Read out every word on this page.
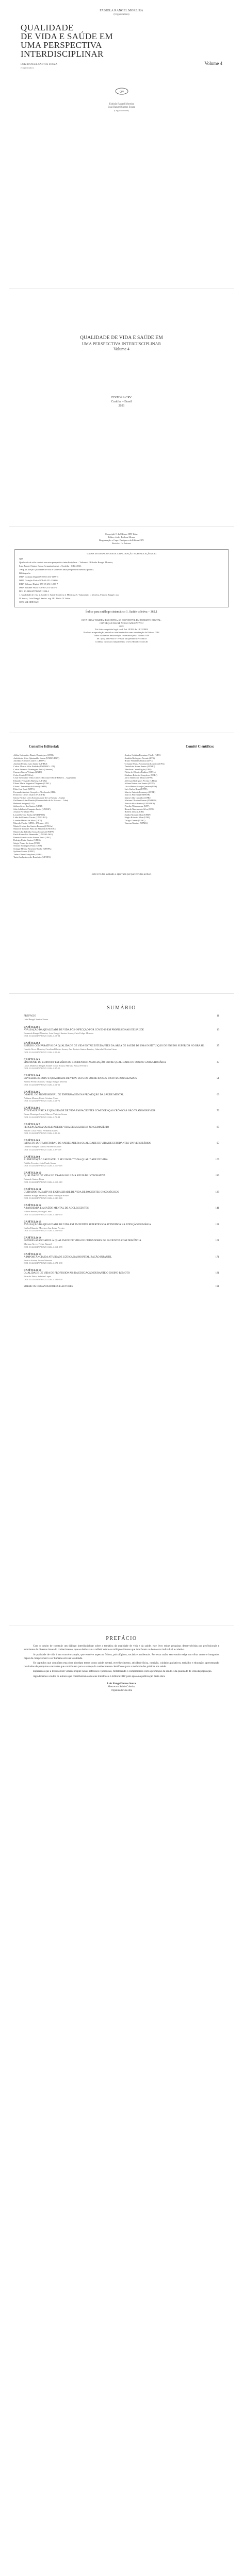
FABIOLA RANGEL MOREIRA
(Organizadora)
QUALIDADE
DE VIDA E SAÚDE EM
UMA PERSPECTIVA
INTERDISCIPLINAR
Volume 4
LUIZ RANGEL SANTOS SOUZA
(Organizador)
crv
Fabiola Rangel Moreira
Luiz Rangel Santos Souza
(Organizadores)
QUALIDADE DE VIDA E SAÚDE EM
UMA PERSPECTIVA INTERDISCIPLINAR
Volume 4
EDITORA CRV
Curitiba – Brasil
2021
Copyright © da Editora CRV Ltda.
Editor-chefe: Railson Moura
Diagramação e Capa: Designers da Editora CRV
Revisão: Os Autores
DADOS INTERNACIONAIS DE CATALOGAÇÃO NA PUBLICAÇÃO (CIP)

Q18

Qualidade de vida e saúde em uma perspectiva interdisciplinar – Volume 4 / Fabiola Rangel Moreira,

Luiz Rangel Santos Souza (organizadores). – Curitiba : CRV, 2021.

196 p. (Coleção Qualidade de vida e saúde em uma perspectiva interdisciplinar)

Bibliografia

ISBN Coleção Digital 978-65-251-1199-3

ISBN Coleção Físico 978-65-251-1200-6

ISBN Volume Digital 978-65-251-1203-7

ISBN Volume Físico 978-65-251-1204-4

DOI 10.24824/978652511204.4

1. Qualidade de vida 2. Saúde 3. Saúde Coletiva 4. Medicina 5. Tratamento I. Moreira, Fabiola Rangel. org.

II. Souza, Luiz Rangel Santos. org. III. Título IV. Série.

CDU 614 CDD 362.1

Índice para catálogo sistemático 1. Saúde coletiva – 362.1
ESTA OBRA TAMBÉM ENCONTRA-SE DISPONÍVEL EM FORMATO DIGITAL.
CONHEÇA E BAIXE NOSSO APLICATIVO!
2021
Foi feito o depósito legal conf. Lei 10.994 de 14/12/2004
Proibida a reprodução parcial ou total desta obra sem autorização da Editora CRV
Todos os direitos desta edição reservados pela: Editora CRV
Tel.: (41) 3039-6418 - E-mail: sac@editoracrv.com.br
Conheça os nossos lançamentos: www.editoracrv.com.br
Conselho Editorial:	Comitê Científico:
Aldira Guimarães Duarte Domínguez (UNB)
Andréia da Silva Quintanilha Sousa (UNIR/UFRN)
Anselmo Alencar Colares (UFOPA)
Antônio Pereira Gaio Júnior (UFRRJ)
Carlos Alberto Vilar Estêvão (UMINHO – PT)
Carlos Federico Dominguez Avila (Unieuro)
Carmen Tereza Velanga (UNIR)
Celso Conti (UFSCar)
Cesar Gerónimo Tello (Univer. Nacional Três de Febrero – Argentina)
Eduardo Fernandes Barbosa (UFMG)
Elione Maria Nogueira Diogenes (UFAL)
Elizeu Clementino de Souza (UNEB)
Élsio José Corá (UFFS)
Fernando Antônio Gonçalves Alcoforado (IPB)
Francisco Carlos Duarte (PUC-PR)
Gloria Fariñas León (Universidade de La Havana – Cuba)
Guillermo Arias Beatón (Universidade de La Havana – Cuba)
Helmuth Krüger (UCP)
Jailson Alves dos Santos (UFRJ)
João Adalberto Campato Junior (UNESP)
Josania Portela (UFPI)
Leonel Severo Rocha (UNISINOS)
Lídia de Oliveira Xavier (UNIEURO)
Lourdes Helena da Silva (UFV)
Marcelo Paixão (UFRJ e UTexas – US)
Maria Cristina dos Santos Bezerra (UFSCar)
Maria de Lourdes Pinto de Almeida (UNOESC)
Maria Lília Imbiriba Sousa Colares (UFOPA)
Paulo Romualdo Hernandes (UNIFAL-MG)
Renato Francisco dos Santos Paula (UFG)
Rodrigo Pratte-Santos (UFES)
Sérgio Nunes de Jesus (IFRO)
Simone Rodrigues Pinto (UNB)
Solange Helena Ximenes-Rocha (UFOPA)
Sydione Santos (UEPG)
Tadeu Oliver Gonçalves (UFPA)
Tania Suely Azevedo Brasileiro (UFOPA)
Andrea Cristina Fermiano Fidelis (UFC)
Andréia Rodrigues Parente (UFS)
Bruno Fernandes Batista (UFG)
Cristiane Maria Nascimento Loureiro (UFG)
Daniela de Souza Santos (UFMG)
Edmilson Cezar Paglia (UFG)
Flávia de Oliveira Paulino (UFAL)
Giuliano Roberto Gonçalves (UFRJ)
Jairo Antônio de Moura (UFSC)
Jefferson Rodrigues Pereira (UFPA)
Juliana Karine dos Santos (UFJF)
Lúcia Helena Araújo Queiroz (UFS)
Luís Carlos Rosa (UFPE)
Marcio Antonio Lourenço (UFPE)
Marcos Ferreira (UNIFESP)
Maria Célia Carvalho (UFRJ)
Mariana Oliveira Gomes (UNIRIO)
Patrícia Silva Santos (UNINTER)
Priscila Albuquerque (UFF)
Ricardo Nascimento Silva (UFG)
Rubens Lima (UERJ)
Sandra Moraes Silva (UFRN)
Sérgio Roberto Silva (UNB)
Thiago Gomes (UFSC)
Vanessa Martins (UFMG)
Este livro foi avaliado e aprovado por pareceristas ad hoc.
SUMÁRIO
PREFÁCIO	11
Luiz Rangel Santos Souza
CAPÍTULO 1
AVALIAÇÃO DA QUALIDADE DE VIDA PÓS-INFECÇÃO POR COVID-19 EM PROFISSIONAIS DE SAÚDE	13
Fernanda Rangel Moreira; Luiz Rangel Santos Souza; Caio Felipe Moreira
DOI: 10.24824/978652511204.4.13-24
CAPÍTULO 2
ESTUDO COMPARATIVO DA QUALIDADE DE VIDA ENTRE ESTUDANTES DA ÁREA DE SAÚDE DE UMA INSTITUIÇÃO DE ENSINO SUPERIOR NO BRASIL	25
Camila Alves Moreira; Carolina Ribeiro Souza; Ana Beatriz Santos Pereira; Gabriela Oliveira Lima
DOI: 10.24824/978652511204.4.25-36
CAPÍTULO 3
SÍNDROME DE BURNOUT EM MÉDICOS RESIDENTES: ASSOCIAÇÃO ENTRE QUALIDADE DO SONO E CARGA HORÁRIA	37
Lucas Matheus Rangel; Rafael Costa Souza; Mariana Souza Ferreira
DOI: 10.24824/978652511204.4.37-50
CAPÍTULO 4
ENVELHECIMENTO E QUALIDADE DE VIDA: ESTUDO SOBRE IDOSOS INSTITUCIONALIZADOS	51
Juliana Pereira Santos; Thiago Rangel Moreira
DOI: 10.24824/978652511204.4.51-62
CAPÍTULO 5
O PAPEL DO PROFISSIONAL DE ENFERMAGEM NA PROMOÇÃO DA SAÚDE MENTAL	63
Adriana Moura; Paula Cristina Alves
DOI: 10.24824/978652511204.4.63-72
CAPÍTULO 6
ATIVIDADE FÍSICA E QUALIDADE DE VIDA EM PACIENTES COM DOENÇAS CRÔNICAS NÃO TRANSMISSÍVEIS	73
Bruno Henrique Lima; Marcos Vinicius Souza
DOI: 10.24824/978652511204.4.73-84
CAPÍTULO 7
PERCEPÇÃO DA QUALIDADE DE VIDA DE MULHERES NO CLIMATÉRIO	85
Renata Costa Pinto; Fernanda Lopes
DOI: 10.24824/978652511204.4.85-96
CAPÍTULO 8
IMPACTO DO TRANSTORNO DE ANSIEDADE NA QUALIDADE DE VIDA DE ESTUDANTES UNIVERSITÁRIOS	97
Gustavo Rangel; Larissa Moreira Santos
DOI: 10.24824/978652511204.4.97-108
CAPÍTULO 9
ALIMENTAÇÃO SAUDÁVEL E SEU IMPACTO NA QUALIDADE DE VIDA	109
Natália Ferreira; João Paulo Souza
DOI: 10.24824/978652511204.4.109-118
CAPÍTULO 10
QUALIDADE DE VIDA NO TRABALHO: UMA REVISÃO INTEGRATIVA	119
Eduardo Santos Lima
DOI: 10.24824/978652511204.4.119-128
CAPÍTULO 11
CUIDADOS PALIATIVOS E QUALIDADE DE VIDA DE PACIENTES ONCOLÓGICOS	129
Vanessa Rangel Moreira; Pedro Henrique Souza
DOI: 10.24824/978652511204.4.129-140
CAPÍTULO 12
A PANDEMIA E A SAÚDE MENTAL DE ADOLESCENTES	141
Isabela Santos; Rodrigo Lima
DOI: 10.24824/978652511204.4.141-150
CAPÍTULO 13
AVALIAÇÃO DA QUALIDADE DE VIDA EM PACIENTES HIPERTENSOS ATENDIDOS NA ATENÇÃO PRIMÁRIA	151
Carlos Eduardo Moreira; Ana Luiza Pereira
DOI: 10.24824/978652511204.4.151-160
CAPÍTULO 14
FATORES ASSOCIADOS À QUALIDADE DE VIDA DE CUIDADORES DE PACIENTES COM DEMÊNCIA	161
Mariana Alves; Felipe Rangel
DOI: 10.24824/978652511204.4.161-170
CAPÍTULO 15
A IMPORTÂNCIA DA ATIVIDADE LÚDICA NA HOSPITALIZAÇÃO INFANTIL	171
Beatriz Souza; Luana Moreira
DOI: 10.24824/978652511204.4.171-180
CAPÍTULO 16
QUALIDADE DE VIDA DE PROFISSIONAIS DA EDUCAÇÃO DURANTE O ENSINO REMOTO	181
Ricardo Pinto; Sabrina Lopes
DOI: 10.24824/978652511204.4.181-190
SOBRE OS ORGANIZADORES E AUTORES	191
PREFÁCIO

Com o intuito de construir um diálogo interdisciplinar sobre a temática da qualidade de vida e da saúde, este livro reúne pesquisas desenvolvidas por profissionais e estudantes de diversas áreas do conhecimento, que se dedicaram a refletir sobre os múltiplos fatores que interferem no bem-estar individual e coletivo.

A qualidade de vida é um conceito amplo, que envolve aspectos físicos, psicológicos, sociais e ambientais. Por essa razão, seu estudo exige um olhar atento e integrado, capaz de compreender o ser humano em sua totalidade.

Os capítulos que compõem esta obra abordam temas como saúde mental, envelhecimento, atividade física, nutrição, cuidados paliativos, trabalho e educação, apresentando resultados de pesquisas e revisões que contribuem para o avanço do conhecimento científico e para a melhoria das práticas em saúde.

Esperamos que a leitura deste volume inspire novas reflexões e pesquisas, fortalecendo o compromisso com a promoção da saúde e da qualidade de vida da população.

Agradecemos a todos os autores que contribuíram com seus trabalhos e à Editora CRV pelo apoio na publicação desta obra.

Luiz Rangel Santos Souza
Mestre em Saúde Coletiva
Organizador da obra
